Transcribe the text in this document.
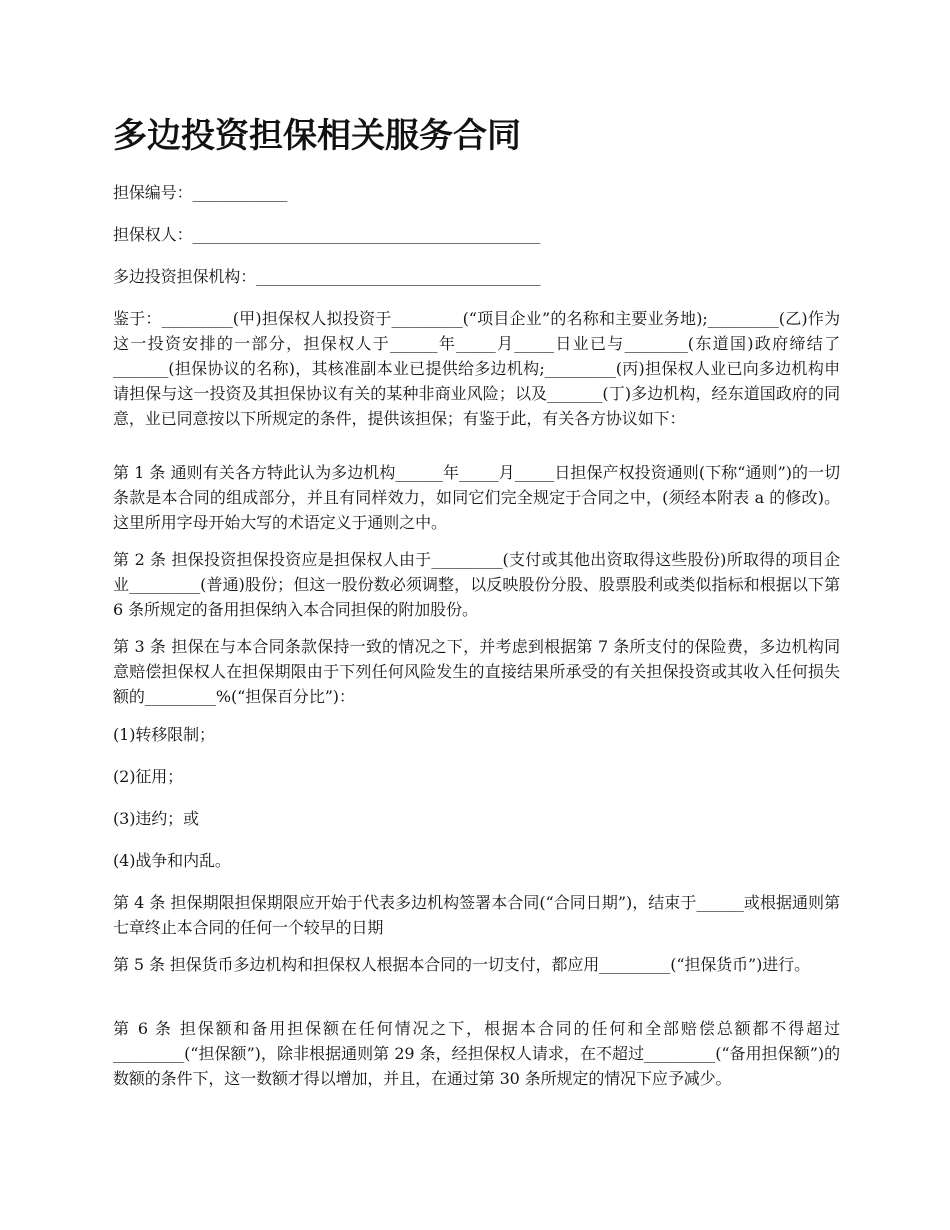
多边投资担保相关服务合同

担保编号：____________

担保权人：____________________________________________

多边投资担保机构：____________________________________

鉴于：_________(甲)担保权人拟投资于_________(“项目企业”的名称和主要业务地);_________(乙)作为这一投资安排的一部分，担保权人于______年_____月_____日业已与________(东道国)政府缔结了_______(担保协议的名称)，其核准副本业已提供给多边机构;_________(丙)担保权人业已向多边机构申请担保与这一投资及其担保协议有关的某种非商业风险；以及_______(丁)多边机构，经东道国政府的同意，业已同意按以下所规定的条件，提供该担保；有鉴于此，有关各方协议如下：

第 1 条 通则有关各方特此认为多边机构______年_____月_____日担保产权投资通则(下称“通则”)的一切条款是本合同的组成部分，并且有同样效力，如同它们完全规定于合同之中，(须经本附表 a 的修改)。这里所用字母开始大写的术语定义于通则之中。

第 2 条 担保投资担保投资应是担保权人由于_________(支付或其他出资取得这些股份)所取得的项目企业_________(普通)股份；但这一股份数必须调整，以反映股份分股、股票股利或类似指标和根据以下第 6 条所规定的备用担保纳入本合同担保的附加股份。

第 3 条 担保在与本合同条款保持一致的情况之下，并考虑到根据第 7 条所支付的保险费，多边机构同意赔偿担保权人在担保期限由于下列任何风险发生的直接结果所承受的有关担保投资或其收入任何损失额的_________%(“担保百分比”)：

(1)转移限制；

(2)征用；

(3)违约；或

(4)战争和内乱。

第 4 条 担保期限担保期限应开始于代表多边机构签署本合同(“合同日期”)，结束于______或根据通则第七章终止本合同的任何一个较早的日期

第 5 条 担保货币多边机构和担保权人根据本合同的一切支付，都应用_________(“担保货币”)进行。

第 6 条 担保额和备用担保额在任何情况之下，根据本合同的任何和全部赔偿总额都不得超过_________(“担保额”)，除非根据通则第 29 条，经担保权人请求，在不超过_________(“备用担保额”)的数额的条件下，这一数额才得以增加，并且，在通过第 30 条所规定的情况下应予减少。
